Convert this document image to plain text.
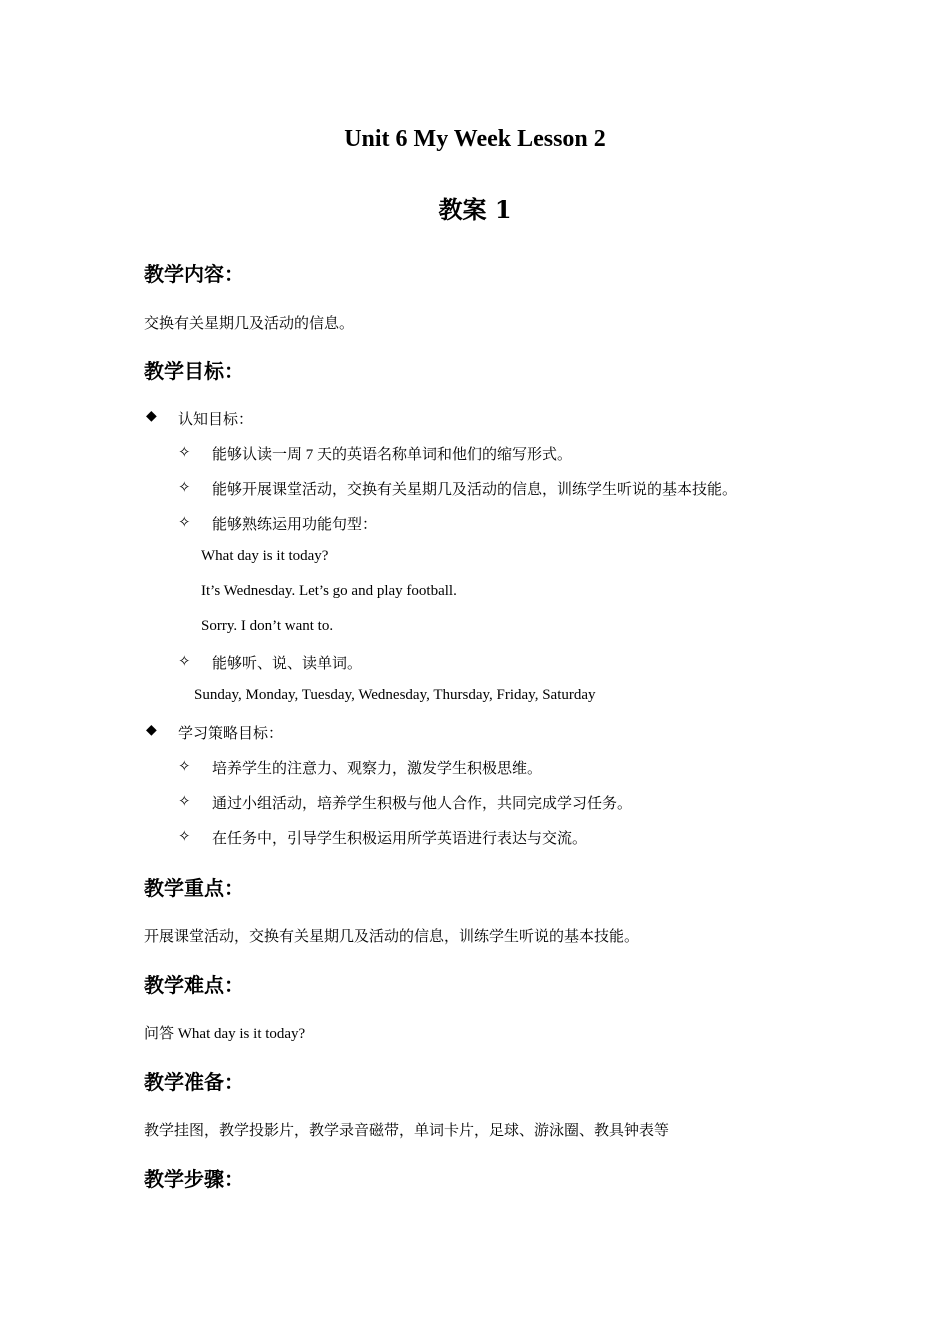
Unit 6 My Week Lesson 2
教案 1
教学内容：
交换有关星期几及活动的信息。
教学目标：
◆ 认知目标：
✧ 能够认读一周 7 天的英语名称单词和他们的缩写形式。
✧ 能够开展课堂活动，交换有关星期几及活动的信息，训练学生听说的基本技能。
✧ 能够熟练运用功能句型：
What day is it today?
It’s Wednesday. Let’s go and play football.
Sorry. I don’t want to.
✧ 能够听、说、读单词。
Sunday, Monday, Tuesday, Wednesday, Thursday, Friday, Saturday
◆ 学习策略目标：
✧ 培养学生的注意力、观察力，激发学生积极思维。
✧ 通过小组活动，培养学生积极与他人合作，共同完成学习任务。
✧ 在任务中，引导学生积极运用所学英语进行表达与交流。
教学重点：
开展课堂活动，交换有关星期几及活动的信息，训练学生听说的基本技能。
教学难点：
问答 What day is it today?
教学准备：
教学挂图，教学投影片，教学录音磁带，单词卡片，足球、游泳圈、教具钟表等
教学步骤：
